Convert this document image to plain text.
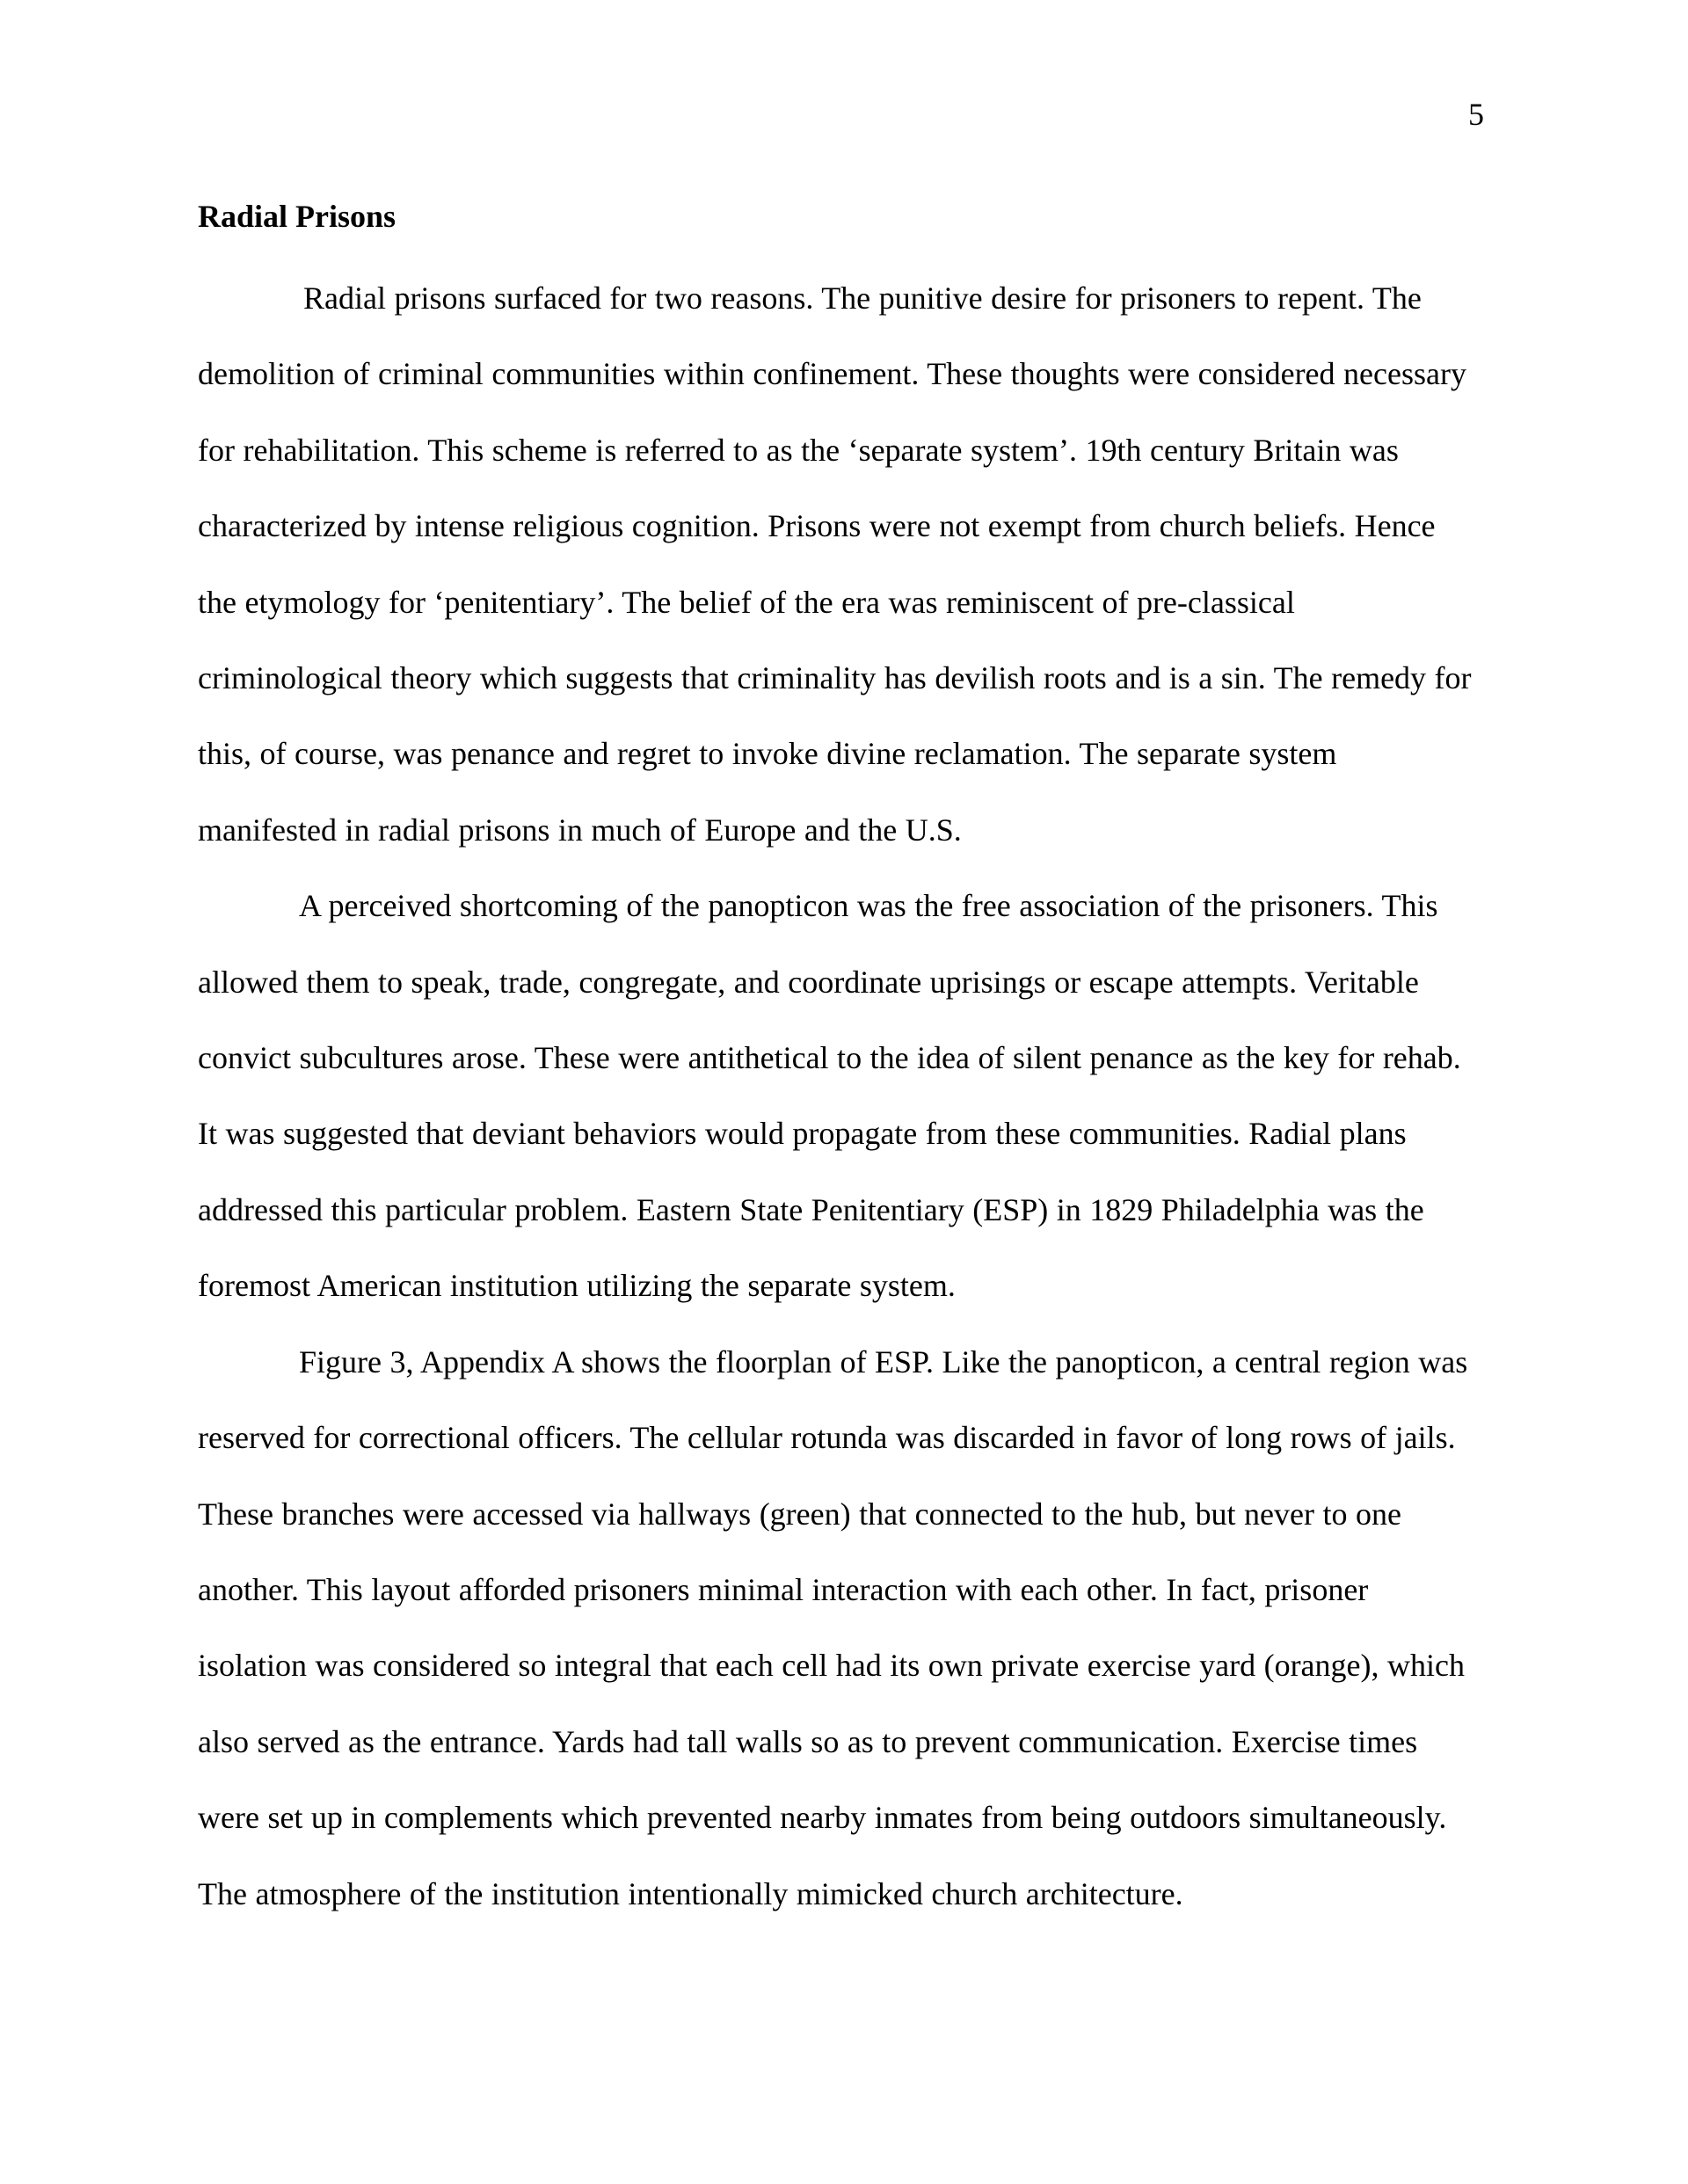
5
Radial Prisons

Radial prisons surfaced for two reasons. The punitive desire for prisoners to repent. The demolition of criminal communities within confinement. These thoughts were considered necessary for rehabilitation. This scheme is referred to as the ‘separate system’. 19th century Britain was characterized by intense religious cognition. Prisons were not exempt from church beliefs. Hence the etymology for ‘penitentiary’. The belief of the era was reminiscent of pre-classical criminological theory which suggests that criminality has devilish roots and is a sin. The remedy for this, of course, was penance and regret to invoke divine reclamation. The separate system manifested in radial prisons in much of Europe and the U.S.

A perceived shortcoming of the panopticon was the free association of the prisoners. This allowed them to speak, trade, congregate, and coordinate uprisings or escape attempts. Veritable convict subcultures arose. These were antithetical to the idea of silent penance as the key for rehab. It was suggested that deviant behaviors would propagate from these communities. Radial plans addressed this particular problem. Eastern State Penitentiary (ESP) in 1829 Philadelphia was the foremost American institution utilizing the separate system.

Figure 3, Appendix A shows the floorplan of ESP. Like the panopticon, a central region was reserved for correctional officers. The cellular rotunda was discarded in favor of long rows of jails. These branches were accessed via hallways (green) that connected to the hub, but never to one another. This layout afforded prisoners minimal interaction with each other. In fact, prisoner isolation was considered so integral that each cell had its own private exercise yard (orange), which also served as the entrance. Yards had tall walls so as to prevent communication. Exercise times were set up in complements which prevented nearby inmates from being outdoors simultaneously. The atmosphere of the institution intentionally mimicked church architecture.
